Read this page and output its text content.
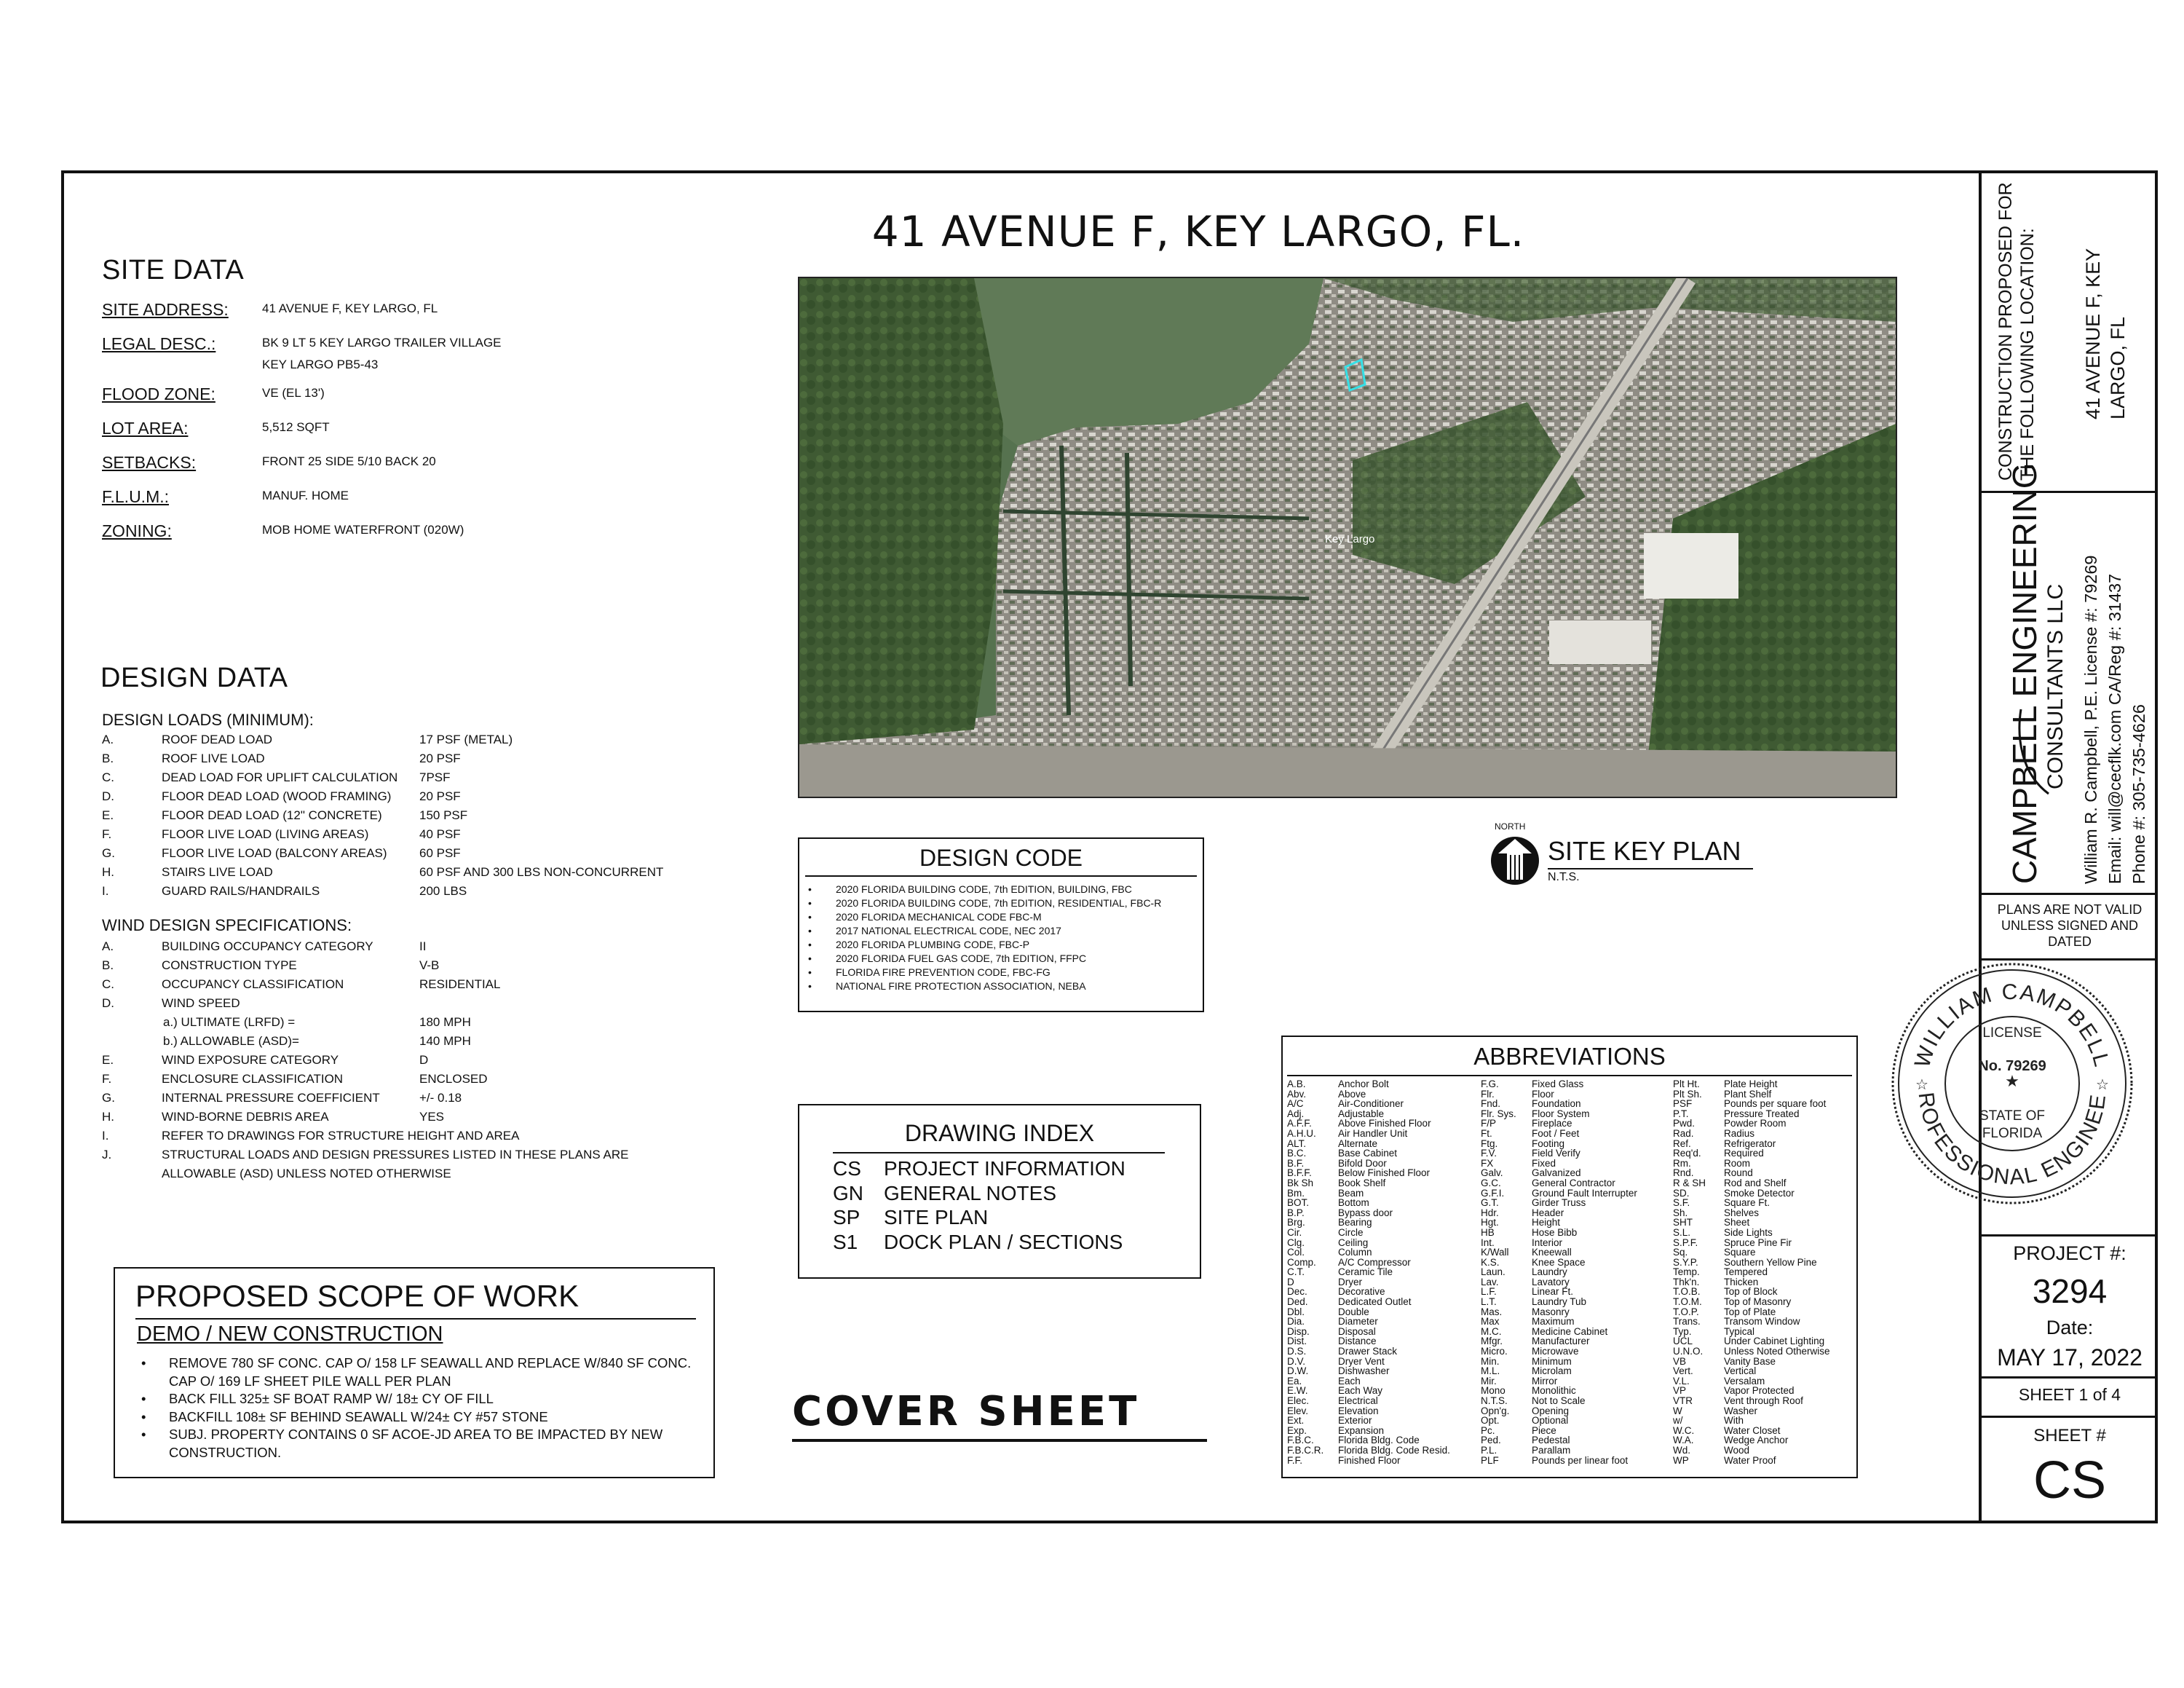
41 AVENUE F, KEY LARGO, FL.
SITE DATA
SITE ADDRESS:	41 AVENUE F, KEY LARGO, FL
LEGAL DESC.:	BK 9 LT 5 KEY LARGO TRAILER VILLAGE
KEY LARGO PB5-43
FLOOD ZONE:	VE (EL 13')
LOT AREA:	5,512 SQFT
SETBACKS:	FRONT 25 SIDE 5/10 BACK 20
F.L.U.M.:	MANUF. HOME
ZONING:	MOB HOME WATERFRONT (020W)
DESIGN DATA
DESIGN LOADS (MINIMUM):
A.	ROOF DEAD LOAD	17 PSF (METAL)
B.	ROOF LIVE LOAD	20 PSF
C.	DEAD LOAD FOR UPLIFT CALCULATION 7PSF
D.	FLOOR DEAD LOAD (WOOD FRAMING) 20 PSF
E.	FLOOR DEAD LOAD (12" CONCRETE)	150 PSF
F.	FLOOR LIVE LOAD (LIVING AREAS)	40 PSF
G.	FLOOR LIVE LOAD (BALCONY AREAS)	60 PSF
H.	STAIRS LIVE LOAD	60 PSF AND 300 LBS NON-CONCURRENT
I.	GUARD RAILS/HANDRAILS	200 LBS
WIND DESIGN SPECIFICATIONS:
A.	BUILDING OCCUPANCY CATEGORY	II
B.	CONSTRUCTION TYPE	V-B
C.	OCCUPANCY CLASSIFICATION	RESIDENTIAL
D.	WIND SPEED
a.) ULTIMATE (LRFD) =	180 MPH
b.) ALLOWABLE (ASD)=	140 MPH
E.	WIND EXPOSURE CATEGORY	D
F.	ENCLOSURE CLASSIFICATION	ENCLOSED
G.	INTERNAL PRESSURE COEFFICIENT	+/- 0.18
H.	WIND-BORNE DEBRIS AREA	YES
I.	REFER TO DRAWINGS FOR STRUCTURE HEIGHT AND AREA
J.	STRUCTURAL LOADS AND DESIGN PRESSURES LISTED IN THESE PLANS ARE
ALLOWABLE (ASD) UNLESS NOTED OTHERWISE
PROPOSED SCOPE OF WORK
DEMO / NEW CONSTRUCTION
•	REMOVE 780 SF CONC. CAP O/ 158 LF SEAWALL AND REPLACE W/840 SF CONC. CAP O/ 169 LF SHEET PILE WALL PER PLAN
•	BACK FILL 325± SF BOAT RAMP W/ 18± CY OF FILL
•	BACKFILL 108± SF BEHIND SEAWALL W/24± CY #57 STONE
•	SUBJ. PROPERTY CONTAINS 0 SF ACOE-JD AREA TO BE IMPACTED BY NEW CONSTRUCTION.
Key Largo
NORTH
SITE KEY PLAN
N.T.S.
DESIGN CODE
• 2020 FLORIDA BUILDING CODE, 7th EDITION, BUILDING, FBC
• 2020 FLORIDA BUILDING CODE, 7th EDITION, RESIDENTIAL, FBC-R
• 2020 FLORIDA MECHANICAL CODE FBC-M
• 2017 NATIONAL ELECTRICAL CODE, NEC 2017
• 2020 FLORIDA PLUMBING CODE, FBC-P
• 2020 FLORIDA FUEL GAS CODE, 7th EDITION, FFPC
• FLORIDA FIRE PREVENTION CODE, FBC-FG
• NATIONAL FIRE PROTECTION ASSOCIATION, NEBA
DRAWING INDEX
CS	PROJECT INFORMATION
GN	GENERAL NOTES
SP	SITE PLAN
S1	DOCK PLAN / SECTIONS
COVER SHEET
ABBREVIATIONS
A.B.	Anchor Bolt
Abv.	Above
A/C	Air-Conditioner
Adj.	Adjustable
A.F.F.	Above Finished Floor
A.H.U.	Air Handler Unit
ALT.	Alternate
B.C.	Base Cabinet
B.F.	Bifold Door
B.F.F.	Below Finished Floor
Bk Sh	Book Shelf
Bm.	Beam
BOT.	Bottom
B.P.	Bypass door
Brg.	Bearing
Cir.	Circle
Clg.	Ceiling
Col.	Column
Comp.	A/C Compressor
C.T.	Ceramic Tile
D	Dryer
Dec.	Decorative
Ded.	Dedicated Outlet
Dbl.	Double
Dia.	Diameter
Disp.	Disposal
Dist.	Distance
D.S.	Drawer Stack
D.V.	Dryer Vent
D.W.	Dishwasher
Ea.	Each
E.W.	Each Way
Elec.	Electrical
Elev.	Elevation
Ext.	Exterior
Exp.	Expansion
F.B.C.	Florida Bldg. Code
F.B.C.R.	Florida Bldg. Code Resid.
F.F.	Finished Floor
F.G.	Fixed Glass
Flr.	Floor
Fnd.	Foundation
Flr. Sys.	Floor System
F/P	Fireplace
Ft.	Foot / Feet
Ftg.	Footing
F.V.	Field Verify
FX	Fixed
Galv.	Galvanized
G.C.	General Contractor
G.F.I.	Ground Fault Interrupter
G.T.	Girder Truss
Hdr.	Header
Hgt.	Height
HB	Hose Bibb
Int.	Interior
K/Wall	Kneewall
K.S.	Knee Space
Laun.	Laundry
Lav.	Lavatory
L.F.	Linear Ft.
L.T.	Laundry Tub
Mas.	Masonry
Max	Maximum
M.C.	Medicine Cabinet
Mfgr.	Manufacturer
Micro.	Microwave
Min.	Minimum
M.L.	Microlam
Mir.	Mirror
Mono	Monolithic
N.T.S.	Not to Scale
Opn'g.	Opening
Opt.	Optional
Pc.	Piece
Ped.	Pedestal
P.L.	Parallam
PLF	Pounds per linear foot
Plt Ht.	Plate Height
Plt Sh.	Plant Shelf
PSF	Pounds per square foot
P.T.	Pressure Treated
Pwd.	Powder Room
Rad.	Radius
Ref.	Refrigerator
Req'd.	Required
Rm.	Room
Rnd.	Round
R & SH	Rod and Shelf
SD.	Smoke Detector
S.F.	Square Ft.
Sh.	Shelves
SHT	Sheet
S.L.	Side Lights
S.P.F.	Spruce Pine Fir
Sq.	Square
S.Y.P.	Southern Yellow Pine
Temp.	Tempered
Thk'n.	Thicken
T.O.B.	Top of Block
T.O.M.	Top of Masonry
T.O.P.	Top of Plate
Trans.	Transom Window
Typ.	Typical
UCL	Under Cabinet Lighting
U.N.O.	Unless Noted Otherwise
VB	Vanity Base
Vert.	Vertical
V.L.	Versalam
VP	Vapor Protected
VTR	Vent through Roof
W	Washer
w/	With
W.C.	Water Closet
W.A.	Wedge Anchor
Wd.	Wood
WP	Water Proof
CONSTRUCTION PROPOSED FOR THE FOLLOWING LOCATION: 41 AVENUE F, KEY LARGO, FL
CAMPBELL ENGINEERING CONSULTANTS LLC William R. Campbell, P.E. License #: 79269 Email: will@cecflk.com CA/Reg #: 31437 Phone #: 305-735-4626
PLANS ARE NOT VALID
UNLESS SIGNED AND
DATED
WILLIAM CAMPBELL
ROFESSIONAL ENGINEE
LICENSE
No. 79269
★
STATE OF
FLORIDA
☆	☆
PROJECT #:
3294
Date:
MAY 17, 2022
SHEET 1 of 4
SHEET #
CS
